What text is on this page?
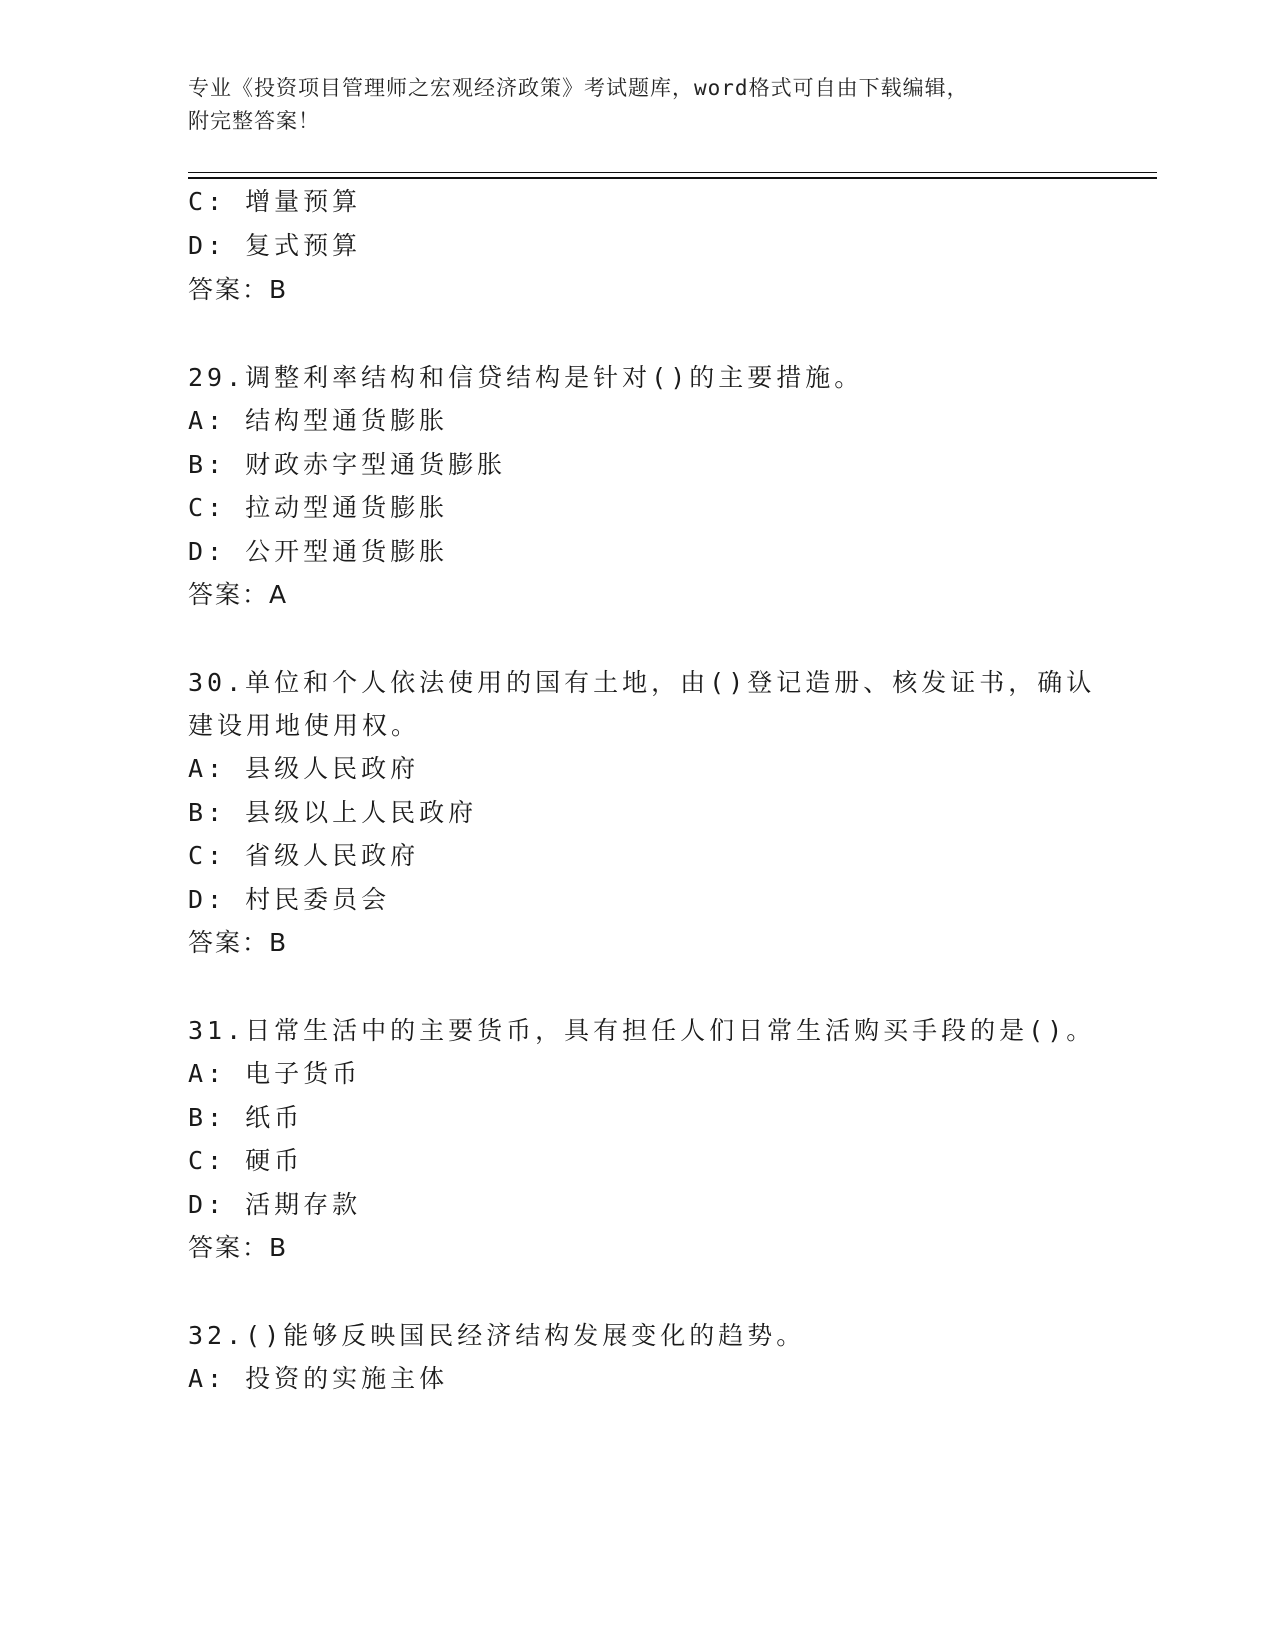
专业《投资项目管理师之宏观经济政策》考试题库，word格式可自由下载编辑，
附完整答案！
C: 增量预算
D: 复式预算
答案：B
29.调整利率结构和信贷结构是针对()的主要措施。
A: 结构型通货膨胀
B: 财政赤字型通货膨胀
C: 拉动型通货膨胀
D: 公开型通货膨胀
答案：A
30.单位和个人依法使用的国有土地，由()登记造册、核发证书，确认
建设用地使用权。
A: 县级人民政府
B: 县级以上人民政府
C: 省级人民政府
D: 村民委员会
答案：B
31.日常生活中的主要货币，具有担任人们日常生活购买手段的是()。
A: 电子货币
B: 纸币
C: 硬币
D: 活期存款
答案：B
32.()能够反映国民经济结构发展变化的趋势。
A: 投资的实施主体
